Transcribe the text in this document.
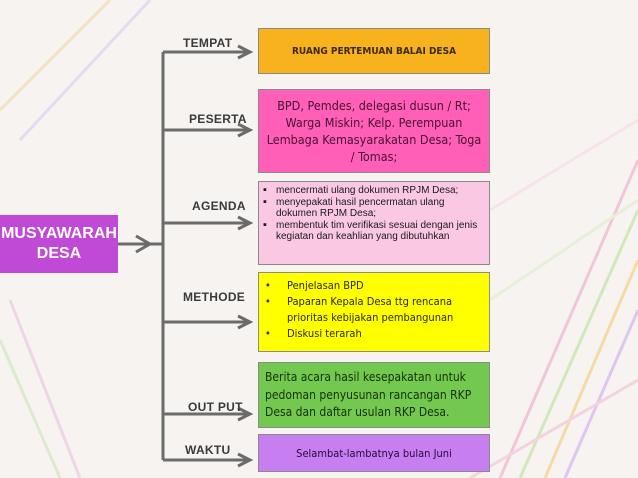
MUSYAWARAH
DESA
TEMPAT
PESERTA
AGENDA
METHODE
OUT PUT
WAKTU
RUANG PERTEMUAN BALAI DESA
BPD, Pemdes, delegasi dusun / Rt; Warga Miskin; Kelp. Perempuan Lembaga Kemasyarakatan Desa; Toga / Tomas;
▪ mencermati ulang dokumen RPJM Desa;
▪ menyepakati hasil pencermatan ulang dokumen RPJM Desa;
▪ membentuk tim verifikasi sesuai dengan jenis kegiatan dan keahlian yang dibutuhkan
• Penjelasan BPD
• Paparan Kepala Desa ttg rencana prioritas kebijakan pembangunan
• Diskusi terarah
Berita acara hasil kesepakatan untuk pedoman penyusunan rancangan RKP Desa dan daftar usulan RKP Desa.
Selambat-lambatnya bulan Juni
